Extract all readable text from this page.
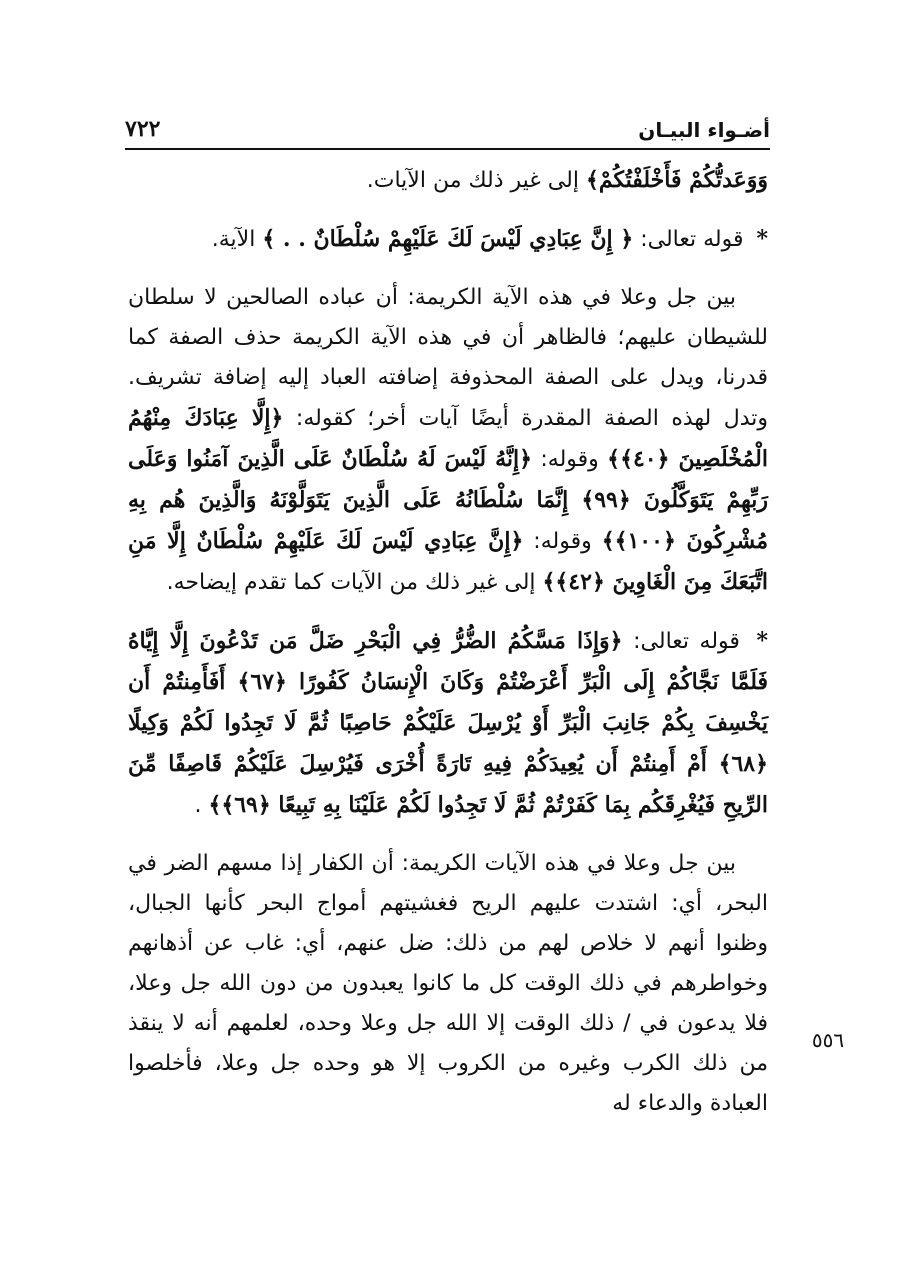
٧٢٢	أضـواء البيـان

وَوَعَدتُّكُمْ فَأَخْلَفْتُكُمْ﴾ إلى غير ذلك من الآيات.

* قوله تعالى: ﴿ إِنَّ عِبَادِي لَيْسَ لَكَ عَلَيْهِمْ سُلْطَانٌ . . ﴾ الآية.

بين جل وعلا في هذه الآية الكريمة: أن عباده الصالحين لا سلطان للشيطان عليهم؛ فالظاهر أن في هذه الآية الكريمة حذف الصفة كما قدرنا، ويدل على الصفة المحذوفة إضافته العباد إليه إضافة تشريف. وتدل لهذه الصفة المقدرة أيضًا آيات أخر؛ كقوله: ﴿إِلَّا عِبَادَكَ مِنْهُمُ الْمُخْلَصِينَ ﴿٤٠﴾﴾ وقوله: ﴿إِنَّهُ لَيْسَ لَهُ سُلْطَانٌ عَلَى الَّذِينَ آمَنُوا وَعَلَى رَبِّهِمْ يَتَوَكَّلُونَ ﴿٩٩﴾ إِنَّمَا سُلْطَانُهُ عَلَى الَّذِينَ يَتَوَلَّوْنَهُ وَالَّذِينَ هُم بِهِ مُشْرِكُونَ ﴿١٠٠﴾﴾ وقوله: ﴿إِنَّ عِبَادِي لَيْسَ لَكَ عَلَيْهِمْ سُلْطَانٌ إِلَّا مَنِ اتَّبَعَكَ مِنَ الْغَاوِينَ ﴿٤٢﴾﴾ إلى غير ذلك من الآيات كما تقدم إيضاحه.

* قوله تعالى: ﴿وَإِذَا مَسَّكُمُ الضُّرُّ فِي الْبَحْرِ ضَلَّ مَن تَدْعُونَ إِلَّا إِيَّاهُ فَلَمَّا نَجَّاكُمْ إِلَى الْبَرِّ أَعْرَضْتُمْ وَكَانَ الْإِنسَانُ كَفُورًا ﴿٦٧﴾ أَفَأَمِنتُمْ أَن يَخْسِفَ بِكُمْ جَانِبَ الْبَرِّ أَوْ يُرْسِلَ عَلَيْكُمْ حَاصِبًا ثُمَّ لَا تَجِدُوا لَكُمْ وَكِيلًا ﴿٦٨﴾ أَمْ أَمِنتُمْ أَن يُعِيدَكُمْ فِيهِ تَارَةً أُخْرَى فَيُرْسِلَ عَلَيْكُمْ قَاصِفًا مِّنَ الرِّيحِ فَيُغْرِقَكُم بِمَا كَفَرْتُمْ ثُمَّ لَا تَجِدُوا لَكُمْ عَلَيْنَا بِهِ تَبِيعًا ﴿٦٩﴾﴾ .

بين جل وعلا في هذه الآيات الكريمة: أن الكفار إذا مسهم الضر في البحر، أي: اشتدت عليهم الريح فغشيتهم أمواج البحر كأنها الجبال، وظنوا أنهم لا خلاص لهم من ذلك: ضل عنهم، أي: غاب عن أذهانهم وخواطرهم في ذلك الوقت كل ما كانوا يعبدون من دون الله جل وعلا، فلا يدعون في / ذلك الوقت إلا الله جل وعلا وحده، لعلمهم أنه لا ينقذ من ذلك الكرب وغيره من الكروب إلا هو وحده جل وعلا، فأخلصوا العبادة والدعاء له

٥٥٦
